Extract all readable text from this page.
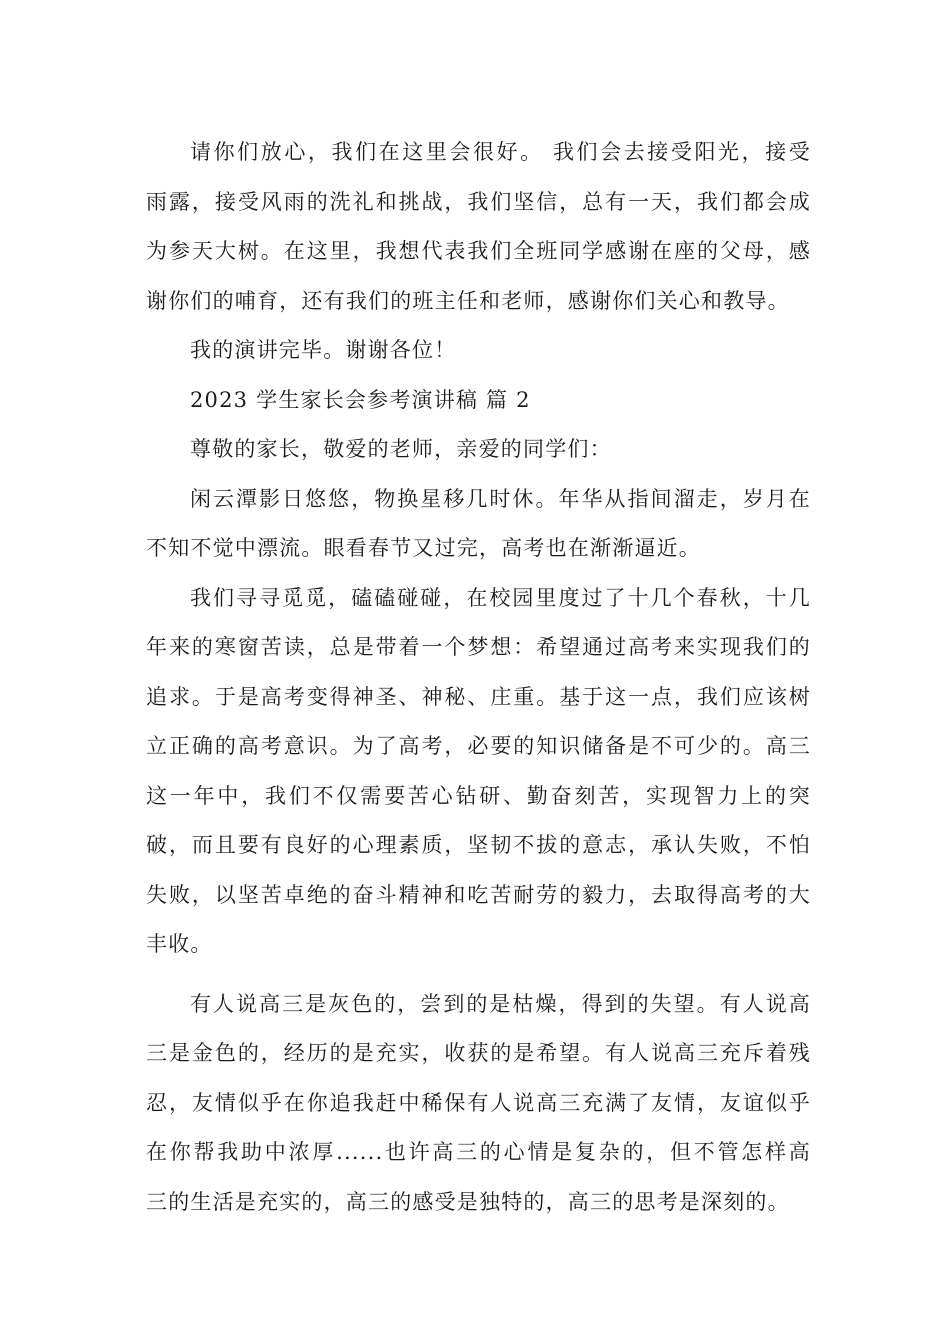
请你们放心，我们在这里会很好。 我们会去接受阳光，接受
雨露，接受风雨的洗礼和挑战，我们坚信，总有一天，我们都会成
为参天大树。在这里，我想代表我们全班同学感谢在座的父母，感
谢你们的哺育，还有我们的班主任和老师，感谢你们关心和教导。
我的演讲完毕。谢谢各位！
2023 学生家长会参考演讲稿 篇 2
尊敬的家长，敬爱的老师，亲爱的同学们：
闲云潭影日悠悠，物换星移几时休。年华从指间溜走，岁月在
不知不觉中漂流。眼看春节又过完，高考也在渐渐逼近。
我们寻寻觅觅，磕磕碰碰，在校园里度过了十几个春秋，十几
年来的寒窗苦读，总是带着一个梦想：希望通过高考来实现我们的
追求。于是高考变得神圣、神秘、庄重。基于这一点，我们应该树
立正确的高考意识。为了高考，必要的知识储备是不可少的。高三
这一年中，我们不仅需要苦心钻研、勤奋刻苦，实现智力上的突
破，而且要有良好的心理素质，坚韧不拔的意志，承认失败，不怕
失败，以坚苦卓绝的奋斗精神和吃苦耐劳的毅力，去取得高考的大
丰收。
有人说高三是灰色的，尝到的是枯燥，得到的失望。有人说高
三是金色的，经历的是充实，收获的是希望。有人说高三充斥着残
忍，友情似乎在你追我赶中稀保有人说高三充满了友情，友谊似乎
在你帮我助中浓厚......也许高三的心情是复杂的，但不管怎样高
三的生活是充实的，高三的感受是独特的，高三的思考是深刻的。
